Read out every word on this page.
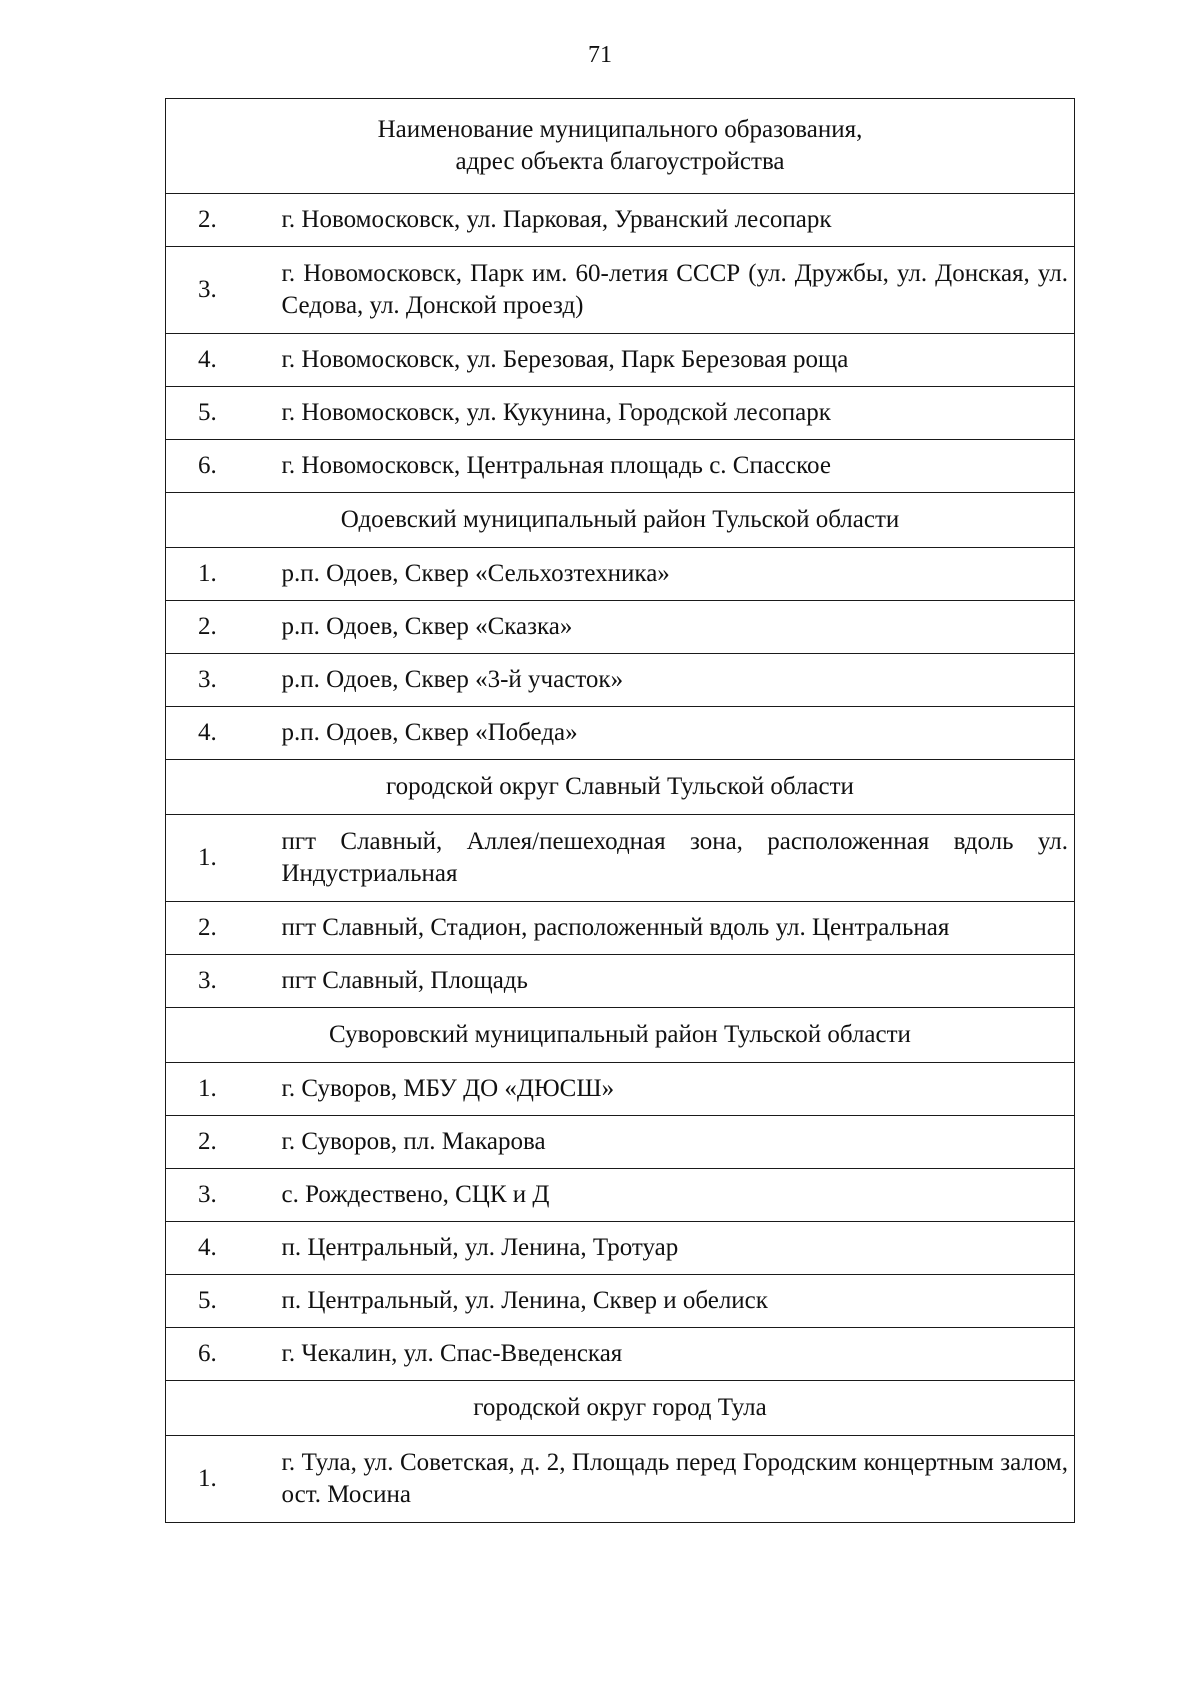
71
Наименование муниципального образования,
адрес объекта благоустройства	
2.	г. Новомосковск, ул. Парковая, Урванский лесопарк
3.	г. Новомосковск, Парк им. 60-летия СССР (ул. Дружбы, ул. Донская, ул. Седова, ул. Донской проезд)
4.	г. Новомосковск, ул. Березовая, Парк Березовая роща
5.	г. Новомосковск, ул. Кукунина, Городской лесопарк
6.	г. Новомосковск, Центральная площадь с. Спасское
Одоевский муниципальный район Тульской области	
1.	р.п. Одоев, Сквер «Сельхозтехника»
2.	р.п. Одоев, Сквер «Сказка»
3.	р.п. Одоев, Сквер «3-й участок»
4.	р.п. Одоев, Сквер «Победа»
городской округ Славный Тульской области	
1.	пгт Славный, Аллея/пешеходная зона, расположенная вдоль ул. Индустриальная
2.	пгт Славный, Стадион, расположенный вдоль ул. Центральная
3.	пгт Славный, Площадь
Суворовский муниципальный район Тульской области	
1.	г. Суворов, МБУ ДО «ДЮСШ»
2.	г. Суворов, пл. Макарова
3.	с. Рождествено, СЦК и Д
4.	п. Центральный, ул. Ленина, Тротуар
5.	п. Центральный, ул. Ленина, Сквер и обелиск
6.	г. Чекалин, ул. Спас-Введенская
городской округ город Тула	
1.	г. Тула, ул. Советская, д. 2, Площадь перед Городским концертным залом, ост. Мосина
